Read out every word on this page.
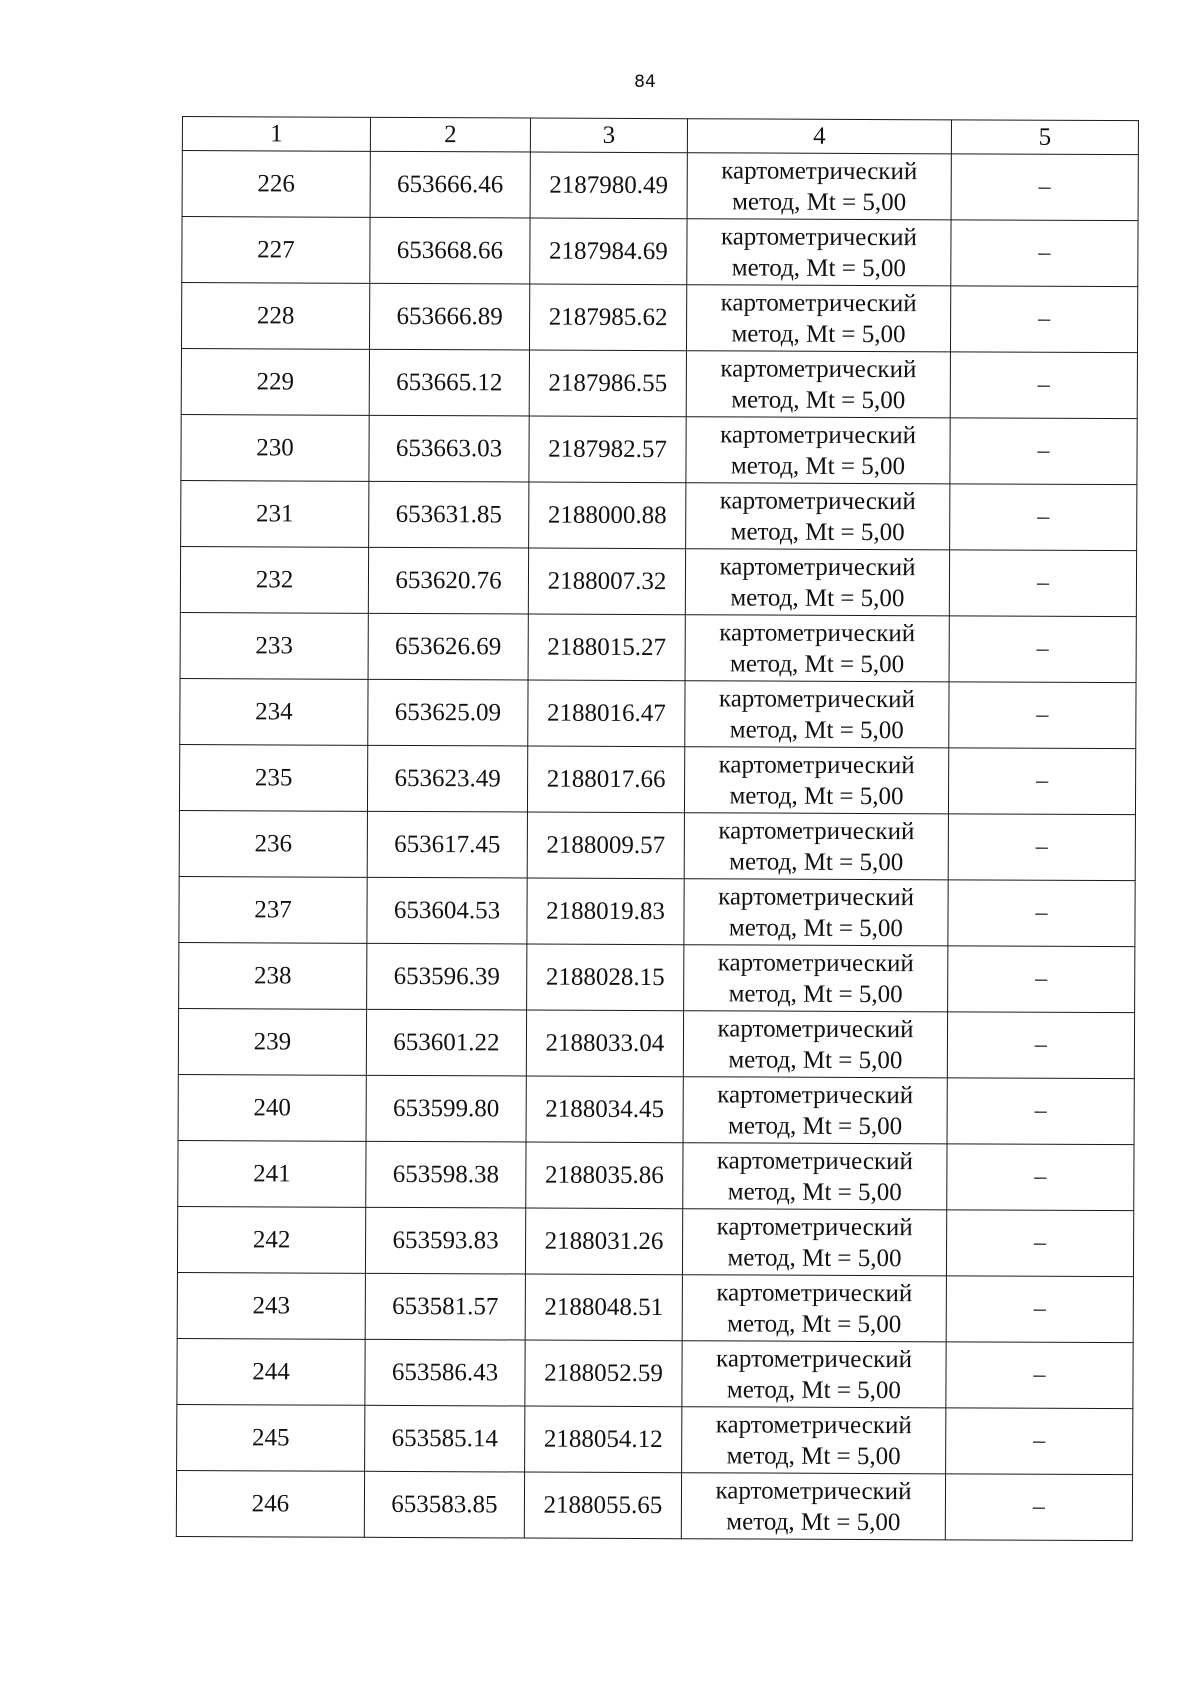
84
1	2	3	4	5
226	653666.46	2187980.49	картометрический
метод, Mt = 5,00	–
227	653668.66	2187984.69	картометрический
метод, Mt = 5,00	–
228	653666.89	2187985.62	картометрический
метод, Mt = 5,00	–
229	653665.12	2187986.55	картометрический
метод, Mt = 5,00	–
230	653663.03	2187982.57	картометрический
метод, Mt = 5,00	–
231	653631.85	2188000.88	картометрический
метод, Mt = 5,00	–
232	653620.76	2188007.32	картометрический
метод, Mt = 5,00	–
233	653626.69	2188015.27	картометрический
метод, Mt = 5,00	–
234	653625.09	2188016.47	картометрический
метод, Mt = 5,00	–
235	653623.49	2188017.66	картометрический
метод, Mt = 5,00	–
236	653617.45	2188009.57	картометрический
метод, Mt = 5,00	–
237	653604.53	2188019.83	картометрический
метод, Mt = 5,00	–
238	653596.39	2188028.15	картометрический
метод, Mt = 5,00	–
239	653601.22	2188033.04	картометрический
метод, Mt = 5,00	–
240	653599.80	2188034.45	картометрический
метод, Mt = 5,00	–
241	653598.38	2188035.86	картометрический
метод, Mt = 5,00	–
242	653593.83	2188031.26	картометрический
метод, Mt = 5,00	–
243	653581.57	2188048.51	картометрический
метод, Mt = 5,00	–
244	653586.43	2188052.59	картометрический
метод, Mt = 5,00	–
245	653585.14	2188054.12	картометрический
метод, Mt = 5,00	–
246	653583.85	2188055.65	картометрический
метод, Mt = 5,00	–
